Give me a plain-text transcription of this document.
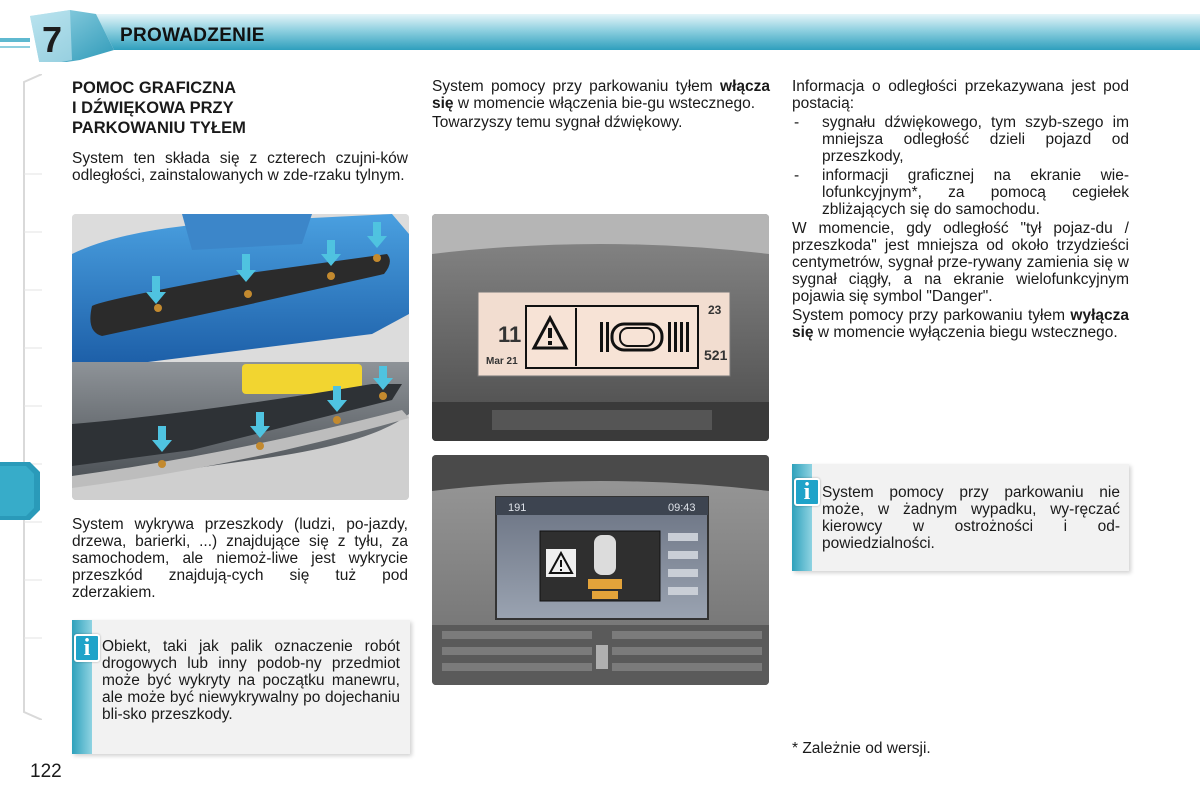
7	PROWADZENIE
POMOC GRAFICZNA
I DŹWIĘKOWA PRZY
PARKOWANIU TYŁEM

System ten składa się z czterech czujni-ków odległości, zainstalowanych w zde-rzaku tylnym.

System wykrywa przeszkody (ludzi, po-jazdy, drzewa, barierki, ...) znajdujące się z tyłu, za samochodem, ale niemoż-liwe jest wykrycie przeszkód znajdują-cych się tuż pod zderzakiem.

i Obiekt, taki jak palik oznaczenie robót drogowych lub inny podob-ny przedmiot może być wykryty na początku manewru, ale może być niewykrywalny po dojechaniu bli-sko przeszkody.

System pomocy przy parkowaniu tyłem włącza się w momencie włączenia bie-gu wstecznego.

Towarzyszy temu sygnał dźwiękowy.

11
Mar 21
23
521
191	09:43

Informacja o odległości przekazywana jest pod postacią:

- sygnału dźwiękowego, tym szyb-szego im mniejsza odległość dzieli pojazd od przeszkody,
- informacji graficznej na ekranie wie-lofunkcyjnym*, za pomocą cegiełek zbliżających się do samochodu.

W momencie, gdy odległość "tył pojaz-du / przeszkoda" jest mniejsza od około trzydzieści centymetrów, sygnał prze-rywany zamienia się w sygnał ciągły, a na ekranie wielofunkcyjnym pojawia się symbol "Danger".

System pomocy przy parkowaniu tyłem wyłącza się w momencie wyłączenia biegu wstecznego.

i System pomocy przy parkowaniu nie może, w żadnym wypadku, wy-ręczać kierowcy w ostrożności i od-powiedzialności.

* Zależnie od wersji.
122
